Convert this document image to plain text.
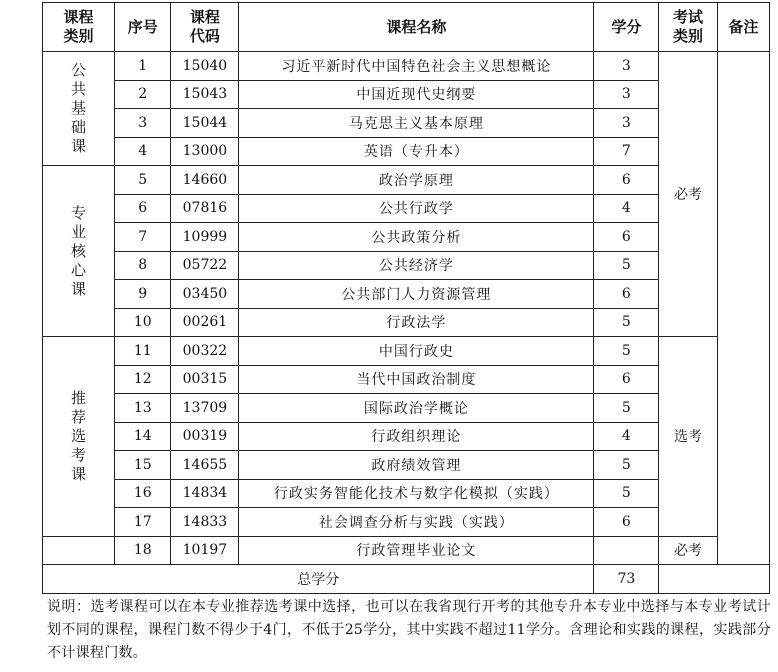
课程类别	序号	课程代码	课程名称	学分	考试类别	备注
公共基础课	1	15040	习近平新时代中国特色社会主义思想概论	3	必考	
	2	15043	中国近现代史纲要	3		
	3	15044	马克思主义基本原理	3		
	4	13000	英语（专升本）	7		
专业核心课	5	14660	政治学原理	6		
	6	07816	公共行政学	4		
	7	10999	公共政策分析	6		
	8	05722	公共经济学	5		
	9	03450	公共部门人力资源管理	6		
	10	00261	行政法学	5		
推荐选考课	11	00322	中国行政史	5	选考	
	12	00315	当代中国政治制度	6		
	13	13709	国际政治学概论	5		
	14	00319	行政组织理论	4		
	15	14655	政府绩效管理	5		
	16	14834	行政实务智能化技术与数字化模拟（实践）	5		
	17	14833	社会调查分析与实践（实践）	6		
	18	10197	行政管理毕业论文		必考	
总学分				73		
说明：选考课程可以在本专业推荐选考课中选择，也可以在我省现行开考的其他专升本专业中选择与本专业考试计划不同的课程，课程门数不得少于4门，不低于25学分，其中实践不超过11学分。含理论和实践的课程，实践部分不计课程门数。
